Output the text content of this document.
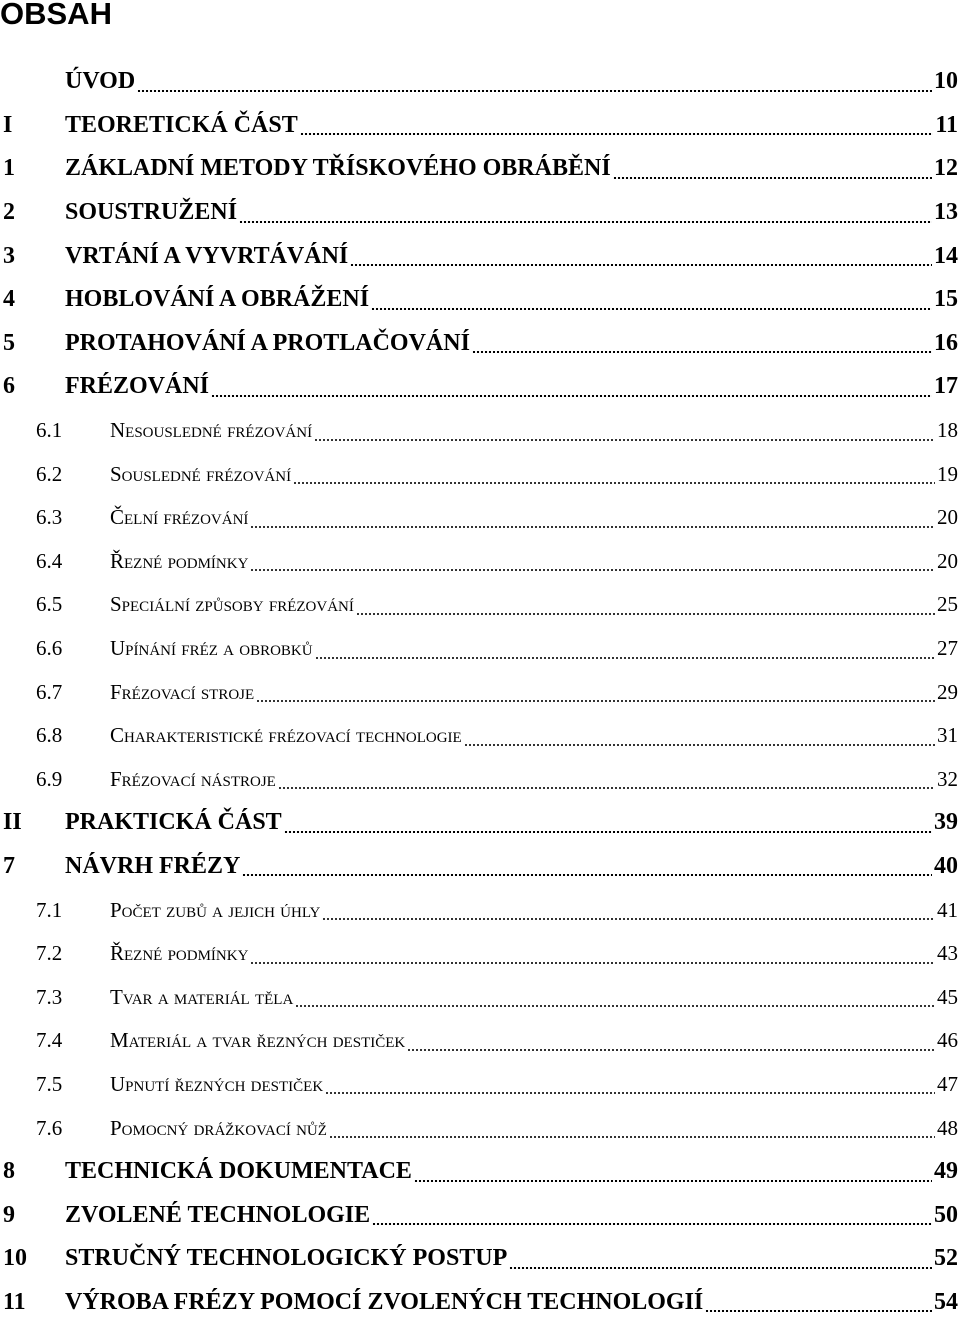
OBSAH
ÚVOD	10
I	TEORETICKÁ ČÁST	11
1	ZÁKLADNÍ METODY TŘÍSKOVÉHO OBRÁBĚNÍ	12
2	SOUSTRUŽENÍ	13
3	VRTÁNÍ A VYVRTÁVÁNÍ	14
4	HOBLOVÁNÍ A OBRÁŽENÍ	15
5	PROTAHOVÁNÍ A PROTLAČOVÁNÍ	16
6	FRÉZOVÁNÍ	17
6.1	Nesousledné frézování	18
6.2	Sousledné frézování	19
6.3	Čelní frézování	20
6.4	Řezné podmínky	20
6.5	Speciální způsoby frézování	25
6.6	Upínání fréz a obrobků	27
6.7	Frézovací stroje	29
6.8	Charakteristické frézovací technologie	31
6.9	Frézovací nástroje	32
II	PRAKTICKÁ ČÁST	39
7	NÁVRH FRÉZY	40
7.1	Počet zubů a jejich úhly	41
7.2	Řezné podmínky	43
7.3	Tvar a materiál těla	45
7.4	Materiál a tvar řezných destiček	46
7.5	Upnutí řezných destiček	47
7.6	Pomocný drážkovací nůž	48
8	TECHNICKÁ DOKUMENTACE	49
9	ZVOLENÉ TECHNOLOGIE	50
10	STRUČNÝ TECHNOLOGICKÝ POSTUP	52
11	VÝROBA FRÉZY POMOCÍ ZVOLENÝCH TECHNOLOGIÍ	54
